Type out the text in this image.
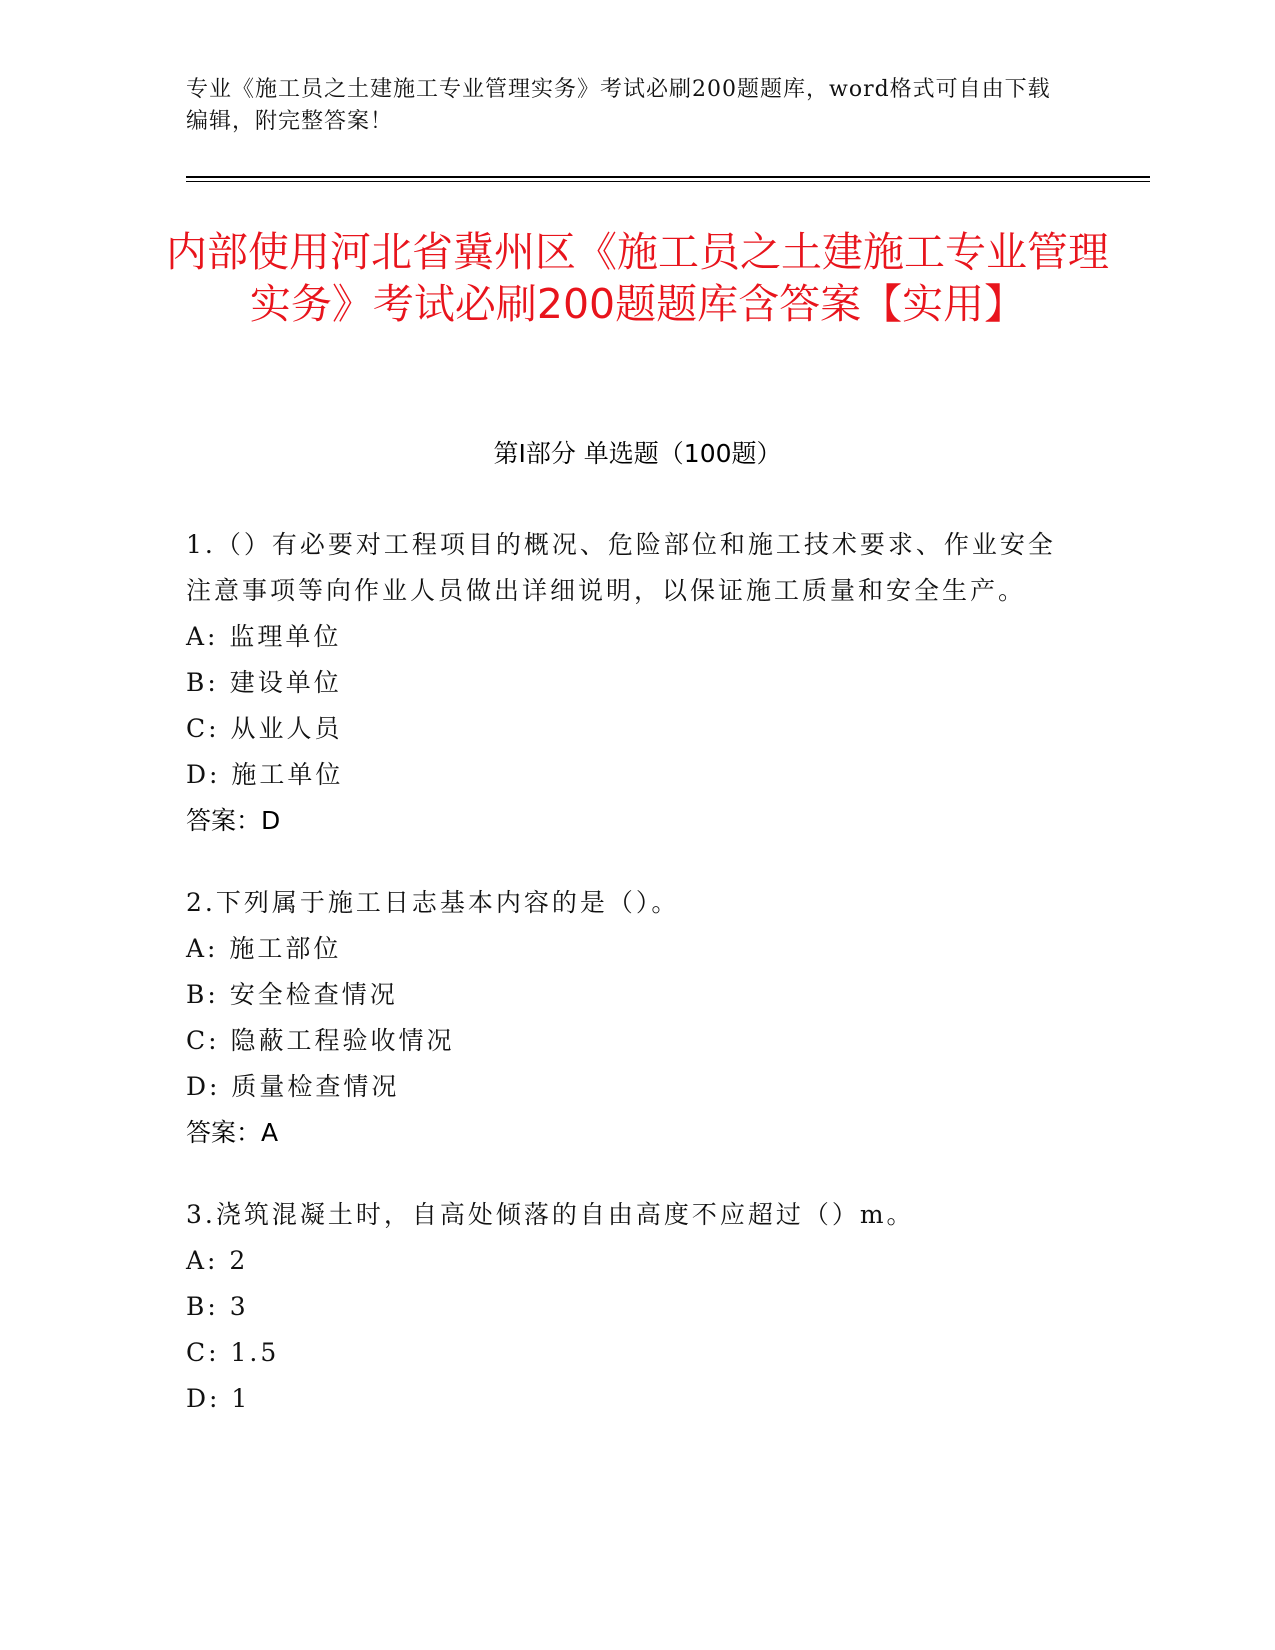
专业《施工员之土建施工专业管理实务》考试必刷200题题库，word格式可自由下载编辑，附完整答案！
内部使用河北省冀州区《施工员之土建施工专业管理实务》考试必刷200题题库含答案【实用】
第Ⅰ部分 单选题（100题）
1.（）有必要对工程项目的概况、危险部位和施工技术要求、作业安全注意事项等向作业人员做出详细说明，以保证施工质量和安全生产。
A: 监理单位
B: 建设单位
C: 从业人员
D: 施工单位
答案：D
2.下列属于施工日志基本内容的是（）。
A: 施工部位
B: 安全检查情况
C: 隐蔽工程验收情况
D: 质量检查情况
答案：A
3.浇筑混凝土时，自高处倾落的自由高度不应超过（）m。
A: 2
B: 3
C: 1.5
D: 1
